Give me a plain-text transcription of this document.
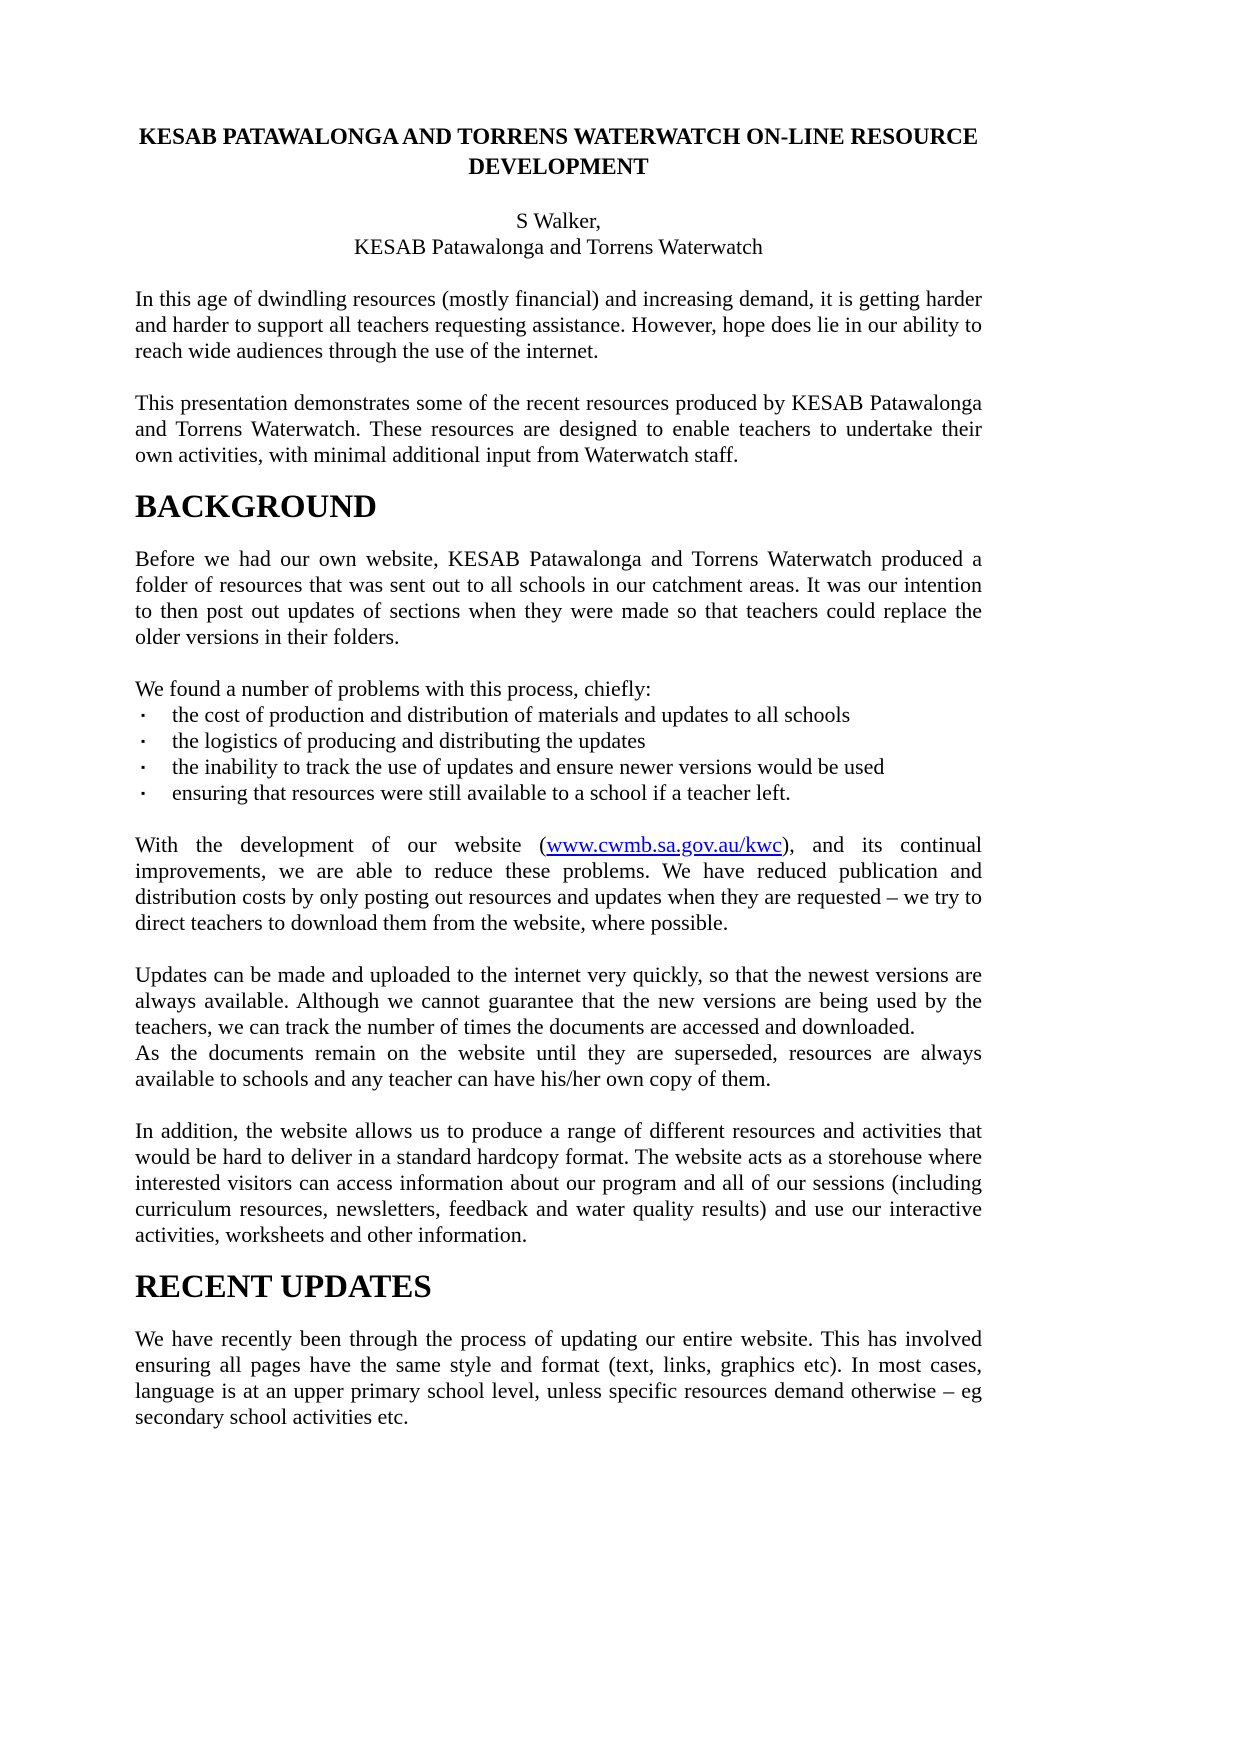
KESAB PATAWALONGA AND TORRENS WATERWATCH ON-LINE RESOURCE DEVELOPMENT
S Walker,
KESAB Patawalonga and Torrens Waterwatch

In this age of dwindling resources (mostly financial) and increasing demand, it is getting harder and harder to support all teachers requesting assistance. However, hope does lie in our ability to reach wide audiences through the use of the internet.

This presentation demonstrates some of the recent resources produced by KESAB Patawalonga and Torrens Waterwatch. These resources are designed to enable teachers to undertake their own activities, with minimal additional input from Waterwatch staff.

BACKGROUND

Before we had our own website, KESAB Patawalonga and Torrens Waterwatch produced a folder of resources that was sent out to all schools in our catchment areas. It was our intention to then post out updates of sections when they were made so that teachers could replace the older versions in their folders.

We found a number of problems with this process, chiefly:

▪	the cost of production and distribution of materials and updates to all schools
▪	the logistics of producing and distributing the updates
▪	the inability to track the use of updates and ensure newer versions would be used
▪	ensuring that resources were still available to a school if a teacher left.

With the development of our website (www.cwmb.sa.gov.au/kwc), and its continual improvements, we are able to reduce these problems. We have reduced publication and distribution costs by only posting out resources and updates when they are requested – we try to direct teachers to download them from the website, where possible.

Updates can be made and uploaded to the internet very quickly, so that the newest versions are always available. Although we cannot guarantee that the new versions are being used by the teachers, we can track the number of times the documents are accessed and downloaded.
As the documents remain on the website until they are superseded, resources are always available to schools and any teacher can have his/her own copy of them.

In addition, the website allows us to produce a range of different resources and activities that would be hard to deliver in a standard hardcopy format. The website acts as a storehouse where interested visitors can access information about our program and all of our sessions (including curriculum resources, newsletters, feedback and water quality results) and use our interactive activities, worksheets and other information.

RECENT UPDATES

We have recently been through the process of updating our entire website. This has involved ensuring all pages have the same style and format (text, links, graphics etc). In most cases, language is at an upper primary school level, unless specific resources demand otherwise – eg secondary school activities etc.
